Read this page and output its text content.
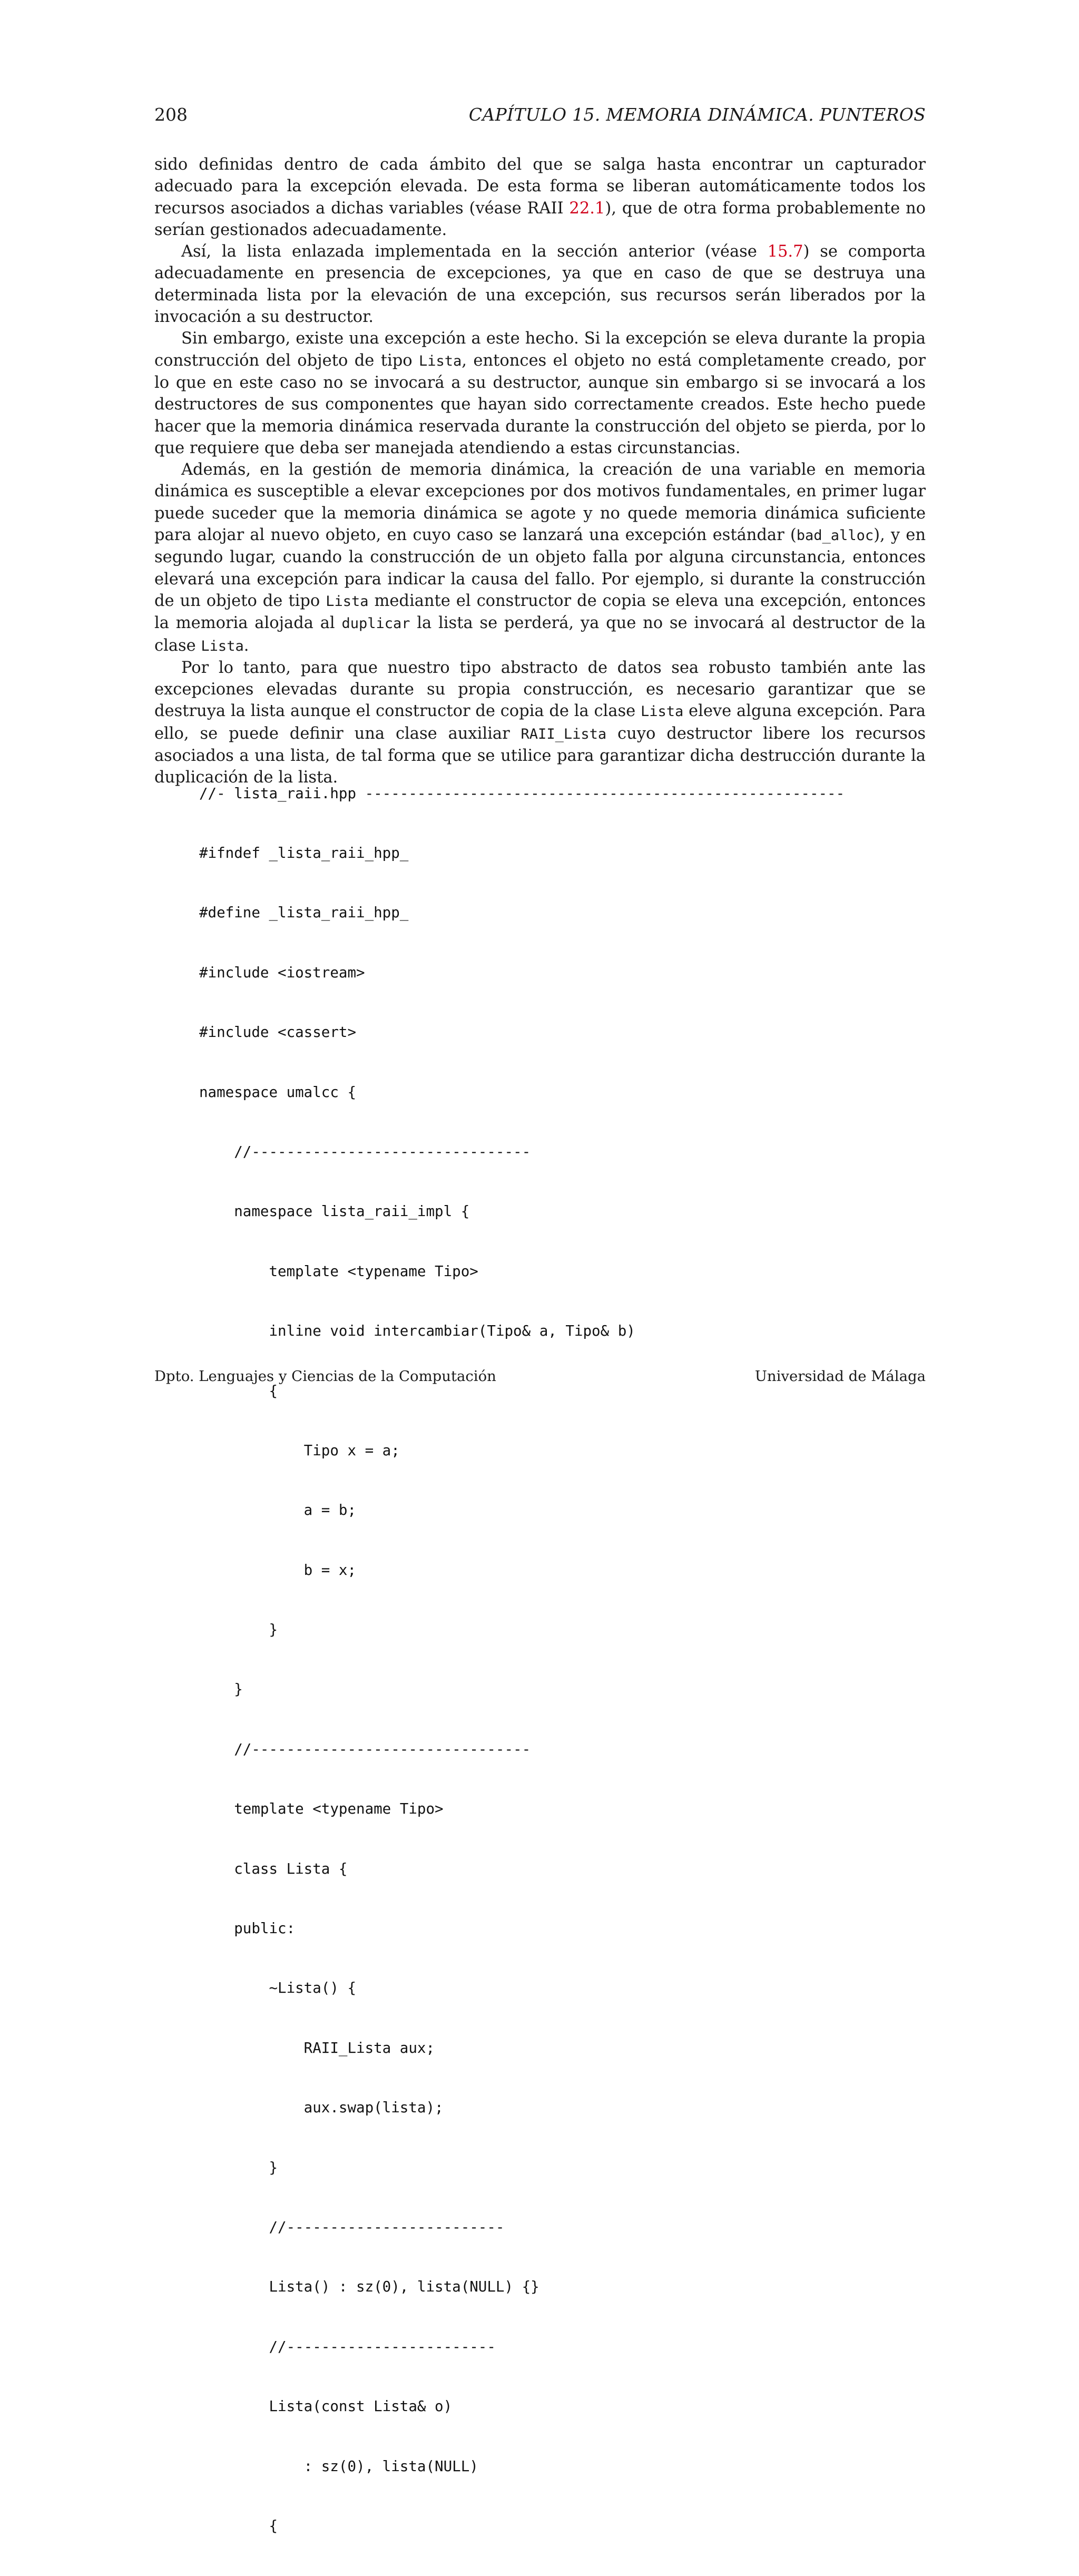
208	CAPÍTULO 15. MEMORIA DINÁMICA. PUNTEROS

sido definidas dentro de cada ámbito del que se salga hasta encontrar un capturador adecuado para la excepción elevada. De esta forma se liberan automáticamente todos los recursos asociados a dichas variables (véase RAII 22.1), que de otra forma probablemente no serían gestionados adecuadamente.

Así, la lista enlazada implementada en la sección anterior (véase 15.7) se comporta adecuadamente en presencia de excepciones, ya que en caso de que se destruya una determinada lista por la elevación de una excepción, sus recursos serán liberados por la invocación a su destructor.

Sin embargo, existe una excepción a este hecho. Si la excepción se eleva durante la propia construcción del objeto de tipo Lista, entonces el objeto no está completamente creado, por lo que en este caso no se invocará a su destructor, aunque sin embargo si se invocará a los destructores de sus componentes que hayan sido correctamente creados. Este hecho puede hacer que la memoria dinámica reservada durante la construcción del objeto se pierda, por lo que requiere que deba ser manejada atendiendo a estas circunstancias.

Además, en la gestión de memoria dinámica, la creación de una variable en memoria dinámica es susceptible a elevar excepciones por dos motivos fundamentales, en primer lugar puede suceder que la memoria dinámica se agote y no quede memoria dinámica suficiente para alojar al nuevo objeto, en cuyo caso se lanzará una excepción estándar (bad_alloc), y en segundo lugar, cuando la construcción de un objeto falla por alguna circunstancia, entonces elevará una excepción para indicar la causa del fallo. Por ejemplo, si durante la construcción de un objeto de tipo Lista mediante el constructor de copia se eleva una excepción, entonces la memoria alojada al duplicar la lista se perderá, ya que no se invocará al destructor de la clase Lista.

Por lo tanto, para que nuestro tipo abstracto de datos sea robusto también ante las excepciones elevadas durante su propia construcción, es necesario garantizar que se destruya la lista aunque el constructor de copia de la clase Lista eleve alguna excepción. Para ello, se puede definir una clase auxiliar RAII_Lista cuyo destructor libere los recursos asociados a una lista, de tal forma que se utilice para garantizar dicha destrucción durante la duplicación de la lista.

//- lista_raii.hpp -------------------------------------------------------

#ifndef _lista_raii_hpp_

#define _lista_raii_hpp_

#include <iostream>

#include <cassert>

namespace umalcc {

//--------------------------------

namespace lista_raii_impl {

template <typename Tipo>

inline void intercambiar(Tipo& a, Tipo& b)

{

Tipo x = a;

a = b;

b = x;

}

}

//--------------------------------

template <typename Tipo>

class Lista {

public:

~Lista() {

RAII_Lista aux;

aux.swap(lista);

}

//-------------------------

Lista() : sz(0), lista(NULL) {}

//------------------------

Lista(const Lista& o)

: sz(0), lista(NULL)

{

Dpto. Lenguajes y Ciencias de la Computación	Universidad de Málaga
